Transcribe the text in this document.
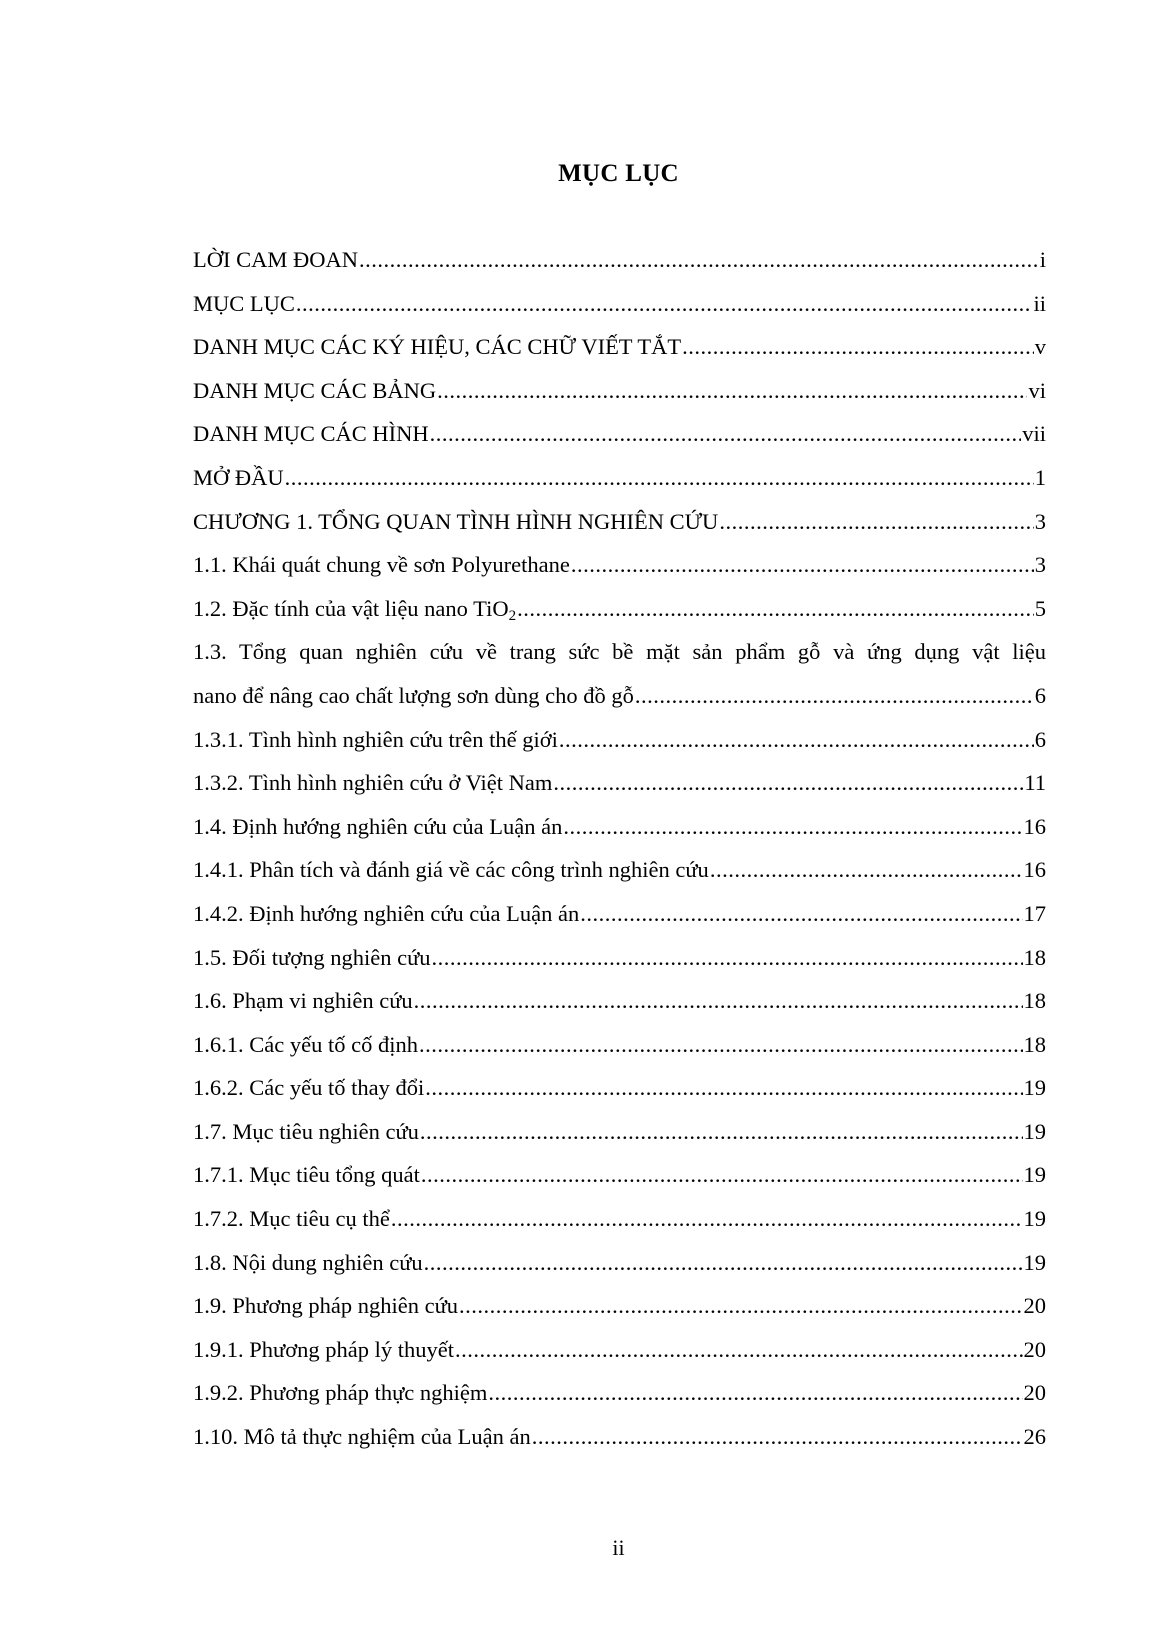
MỤC LỤC
LỜI CAM ĐOAN .....	i
MỤC LỤC .....	ii
DANH MỤC CÁC KÝ HIỆU, CÁC CHỮ VIẾT TẮT .....	v
DANH MỤC CÁC BẢNG .....	vi
DANH MỤC CÁC HÌNH .....	vii
MỞ ĐẦU .....	1
CHƯƠNG 1. TỔNG QUAN TÌNH HÌNH NGHIÊN CỨU .....	3
1.1. Khái quát chung về sơn Polyurethane .....	3
1.2. Đặc tính của vật liệu nano TiO$_2$ .....	5
1.3. Tổng quan nghiên cứu về trang sức bề mặt sản phẩm gỗ và ứng dụng vật liệu
nano để nâng cao chất lượng sơn dùng cho đồ gỗ .....	6
1.3.1. Tình hình nghiên cứu trên thế giới .....	6
1.3.2. Tình hình nghiên cứu ở Việt Nam .....	11
1.4. Định hướng nghiên cứu của Luận án .....	16
1.4.1. Phân tích và đánh giá về các công trình nghiên cứu .....	16
1.4.2. Định hướng nghiên cứu của Luận án .....	17
1.5. Đối tượng nghiên cứu .....	18
1.6. Phạm vi nghiên cứu .....	18
1.6.1. Các yếu tố cố định .....	18
1.6.2. Các yếu tố thay đổi .....	19
1.7. Mục tiêu nghiên cứu .....	19
1.7.1. Mục tiêu tổng quát .....	19
1.7.2. Mục tiêu cụ thể .....	19
1.8. Nội dung nghiên cứu .....	19
1.9. Phương pháp nghiên cứu .....	20
1.9.1. Phương pháp lý thuyết .....	20
1.9.2. Phương pháp thực nghiệm .....	20
1.10. Mô tả thực nghiệm của Luận án .....	26
ii
